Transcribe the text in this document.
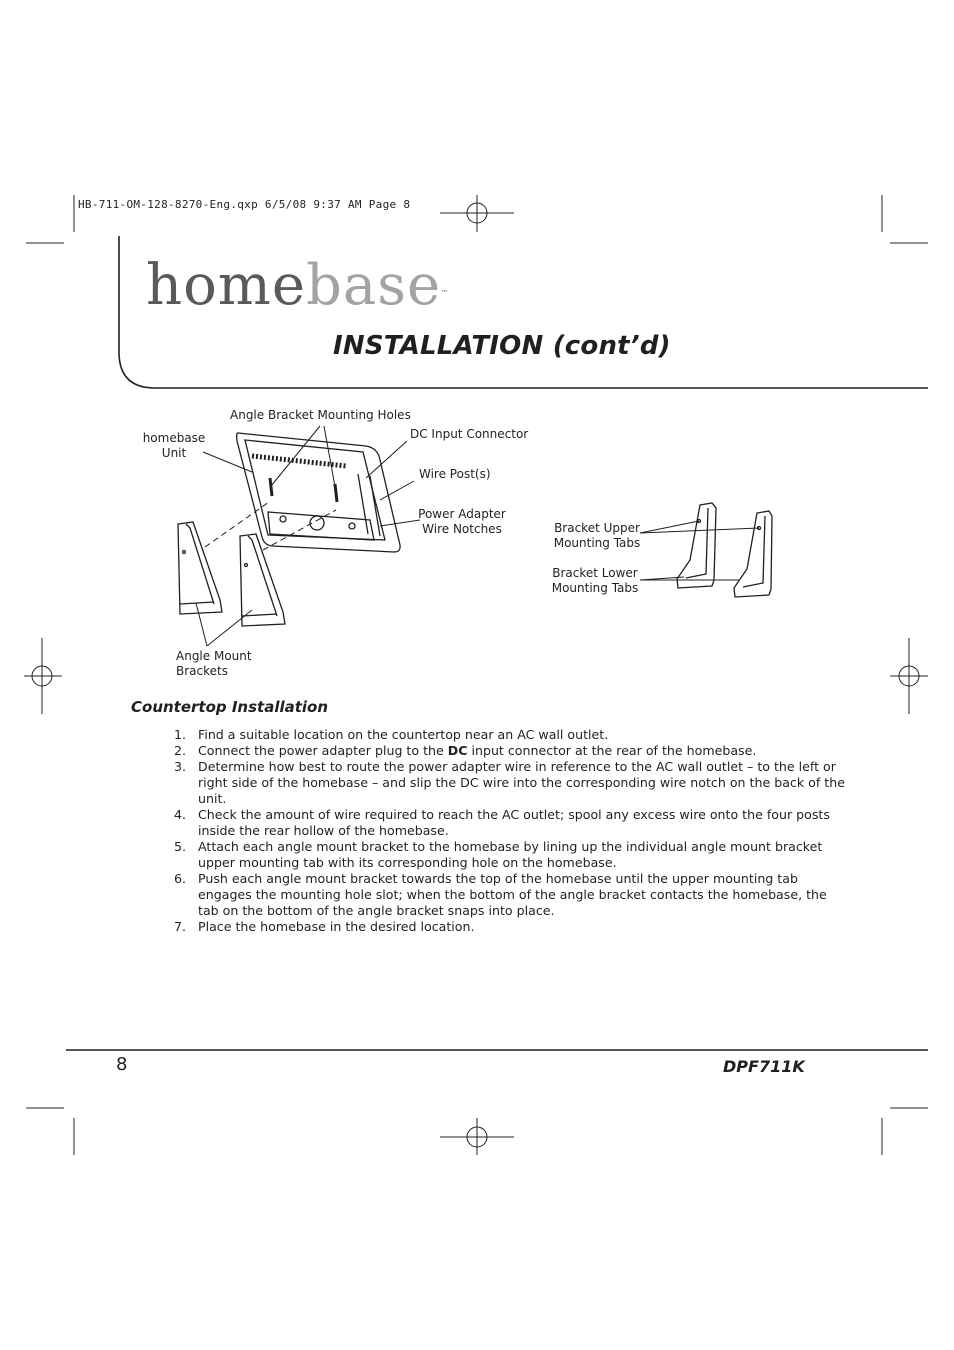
HB-711-OM-128-8270-Eng.qxp 6/5/08 9:37 AM Page 8
homebase™
INSTALLATION (cont’d)
Angle Bracket Mounting Holes
homebase
Unit
DC Input Connector
Wire Post(s)
Power Adapter
Wire Notches	Bracket Upper
Mounting Tabs
Bracket Lower
Mounting Tabs
Angle Mount
Brackets
Countertop Installation
1. Find a suitable location on the countertop near an AC wall outlet.
2. Connect the power adapter plug to the DC input connector at the rear of the homebase.
3. Determine how best to route the power adapter wire in reference to the AC wall outlet – to the left or right side of the homebase – and slip the DC wire into the corresponding wire notch on the back of the unit.
4. Check the amount of wire required to reach the AC outlet; spool any excess wire onto the four posts inside the rear hollow of the homebase.
5. Attach each angle mount bracket to the homebase by lining up the individual angle mount bracket upper mounting tab with its corresponding hole on the homebase.
6. Push each angle mount bracket towards the top of the homebase until the upper mounting tab engages the mounting hole slot; when the bottom of the angle bracket contacts the homebase, the tab on the bottom of the angle bracket snaps into place.
7. Place the homebase in the desired location.
8	DPF711K
